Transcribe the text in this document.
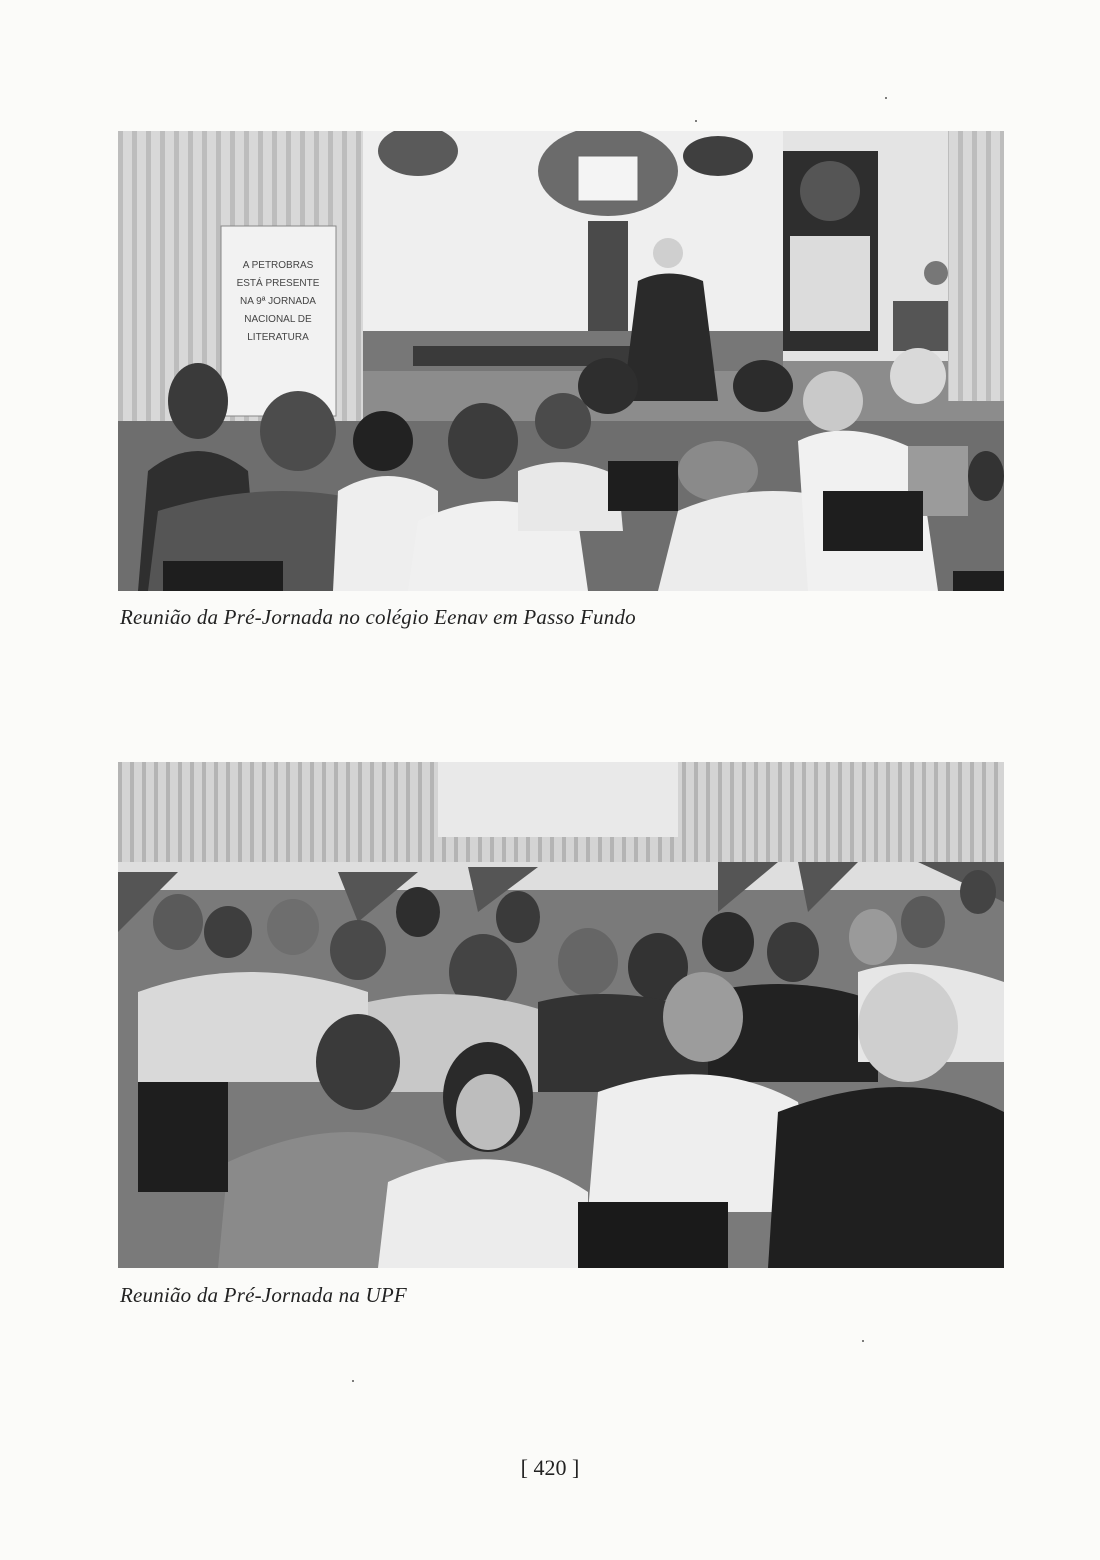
A PETROBRAS
ESTÁ PRESENTE
NA 9ª JORNADA
NACIONAL DE
LITERATURA
Reunião da Pré-Jornada no colégio Eenav em Passo Fundo
Reunião da Pré-Jornada na UPF
[ 420 ]
